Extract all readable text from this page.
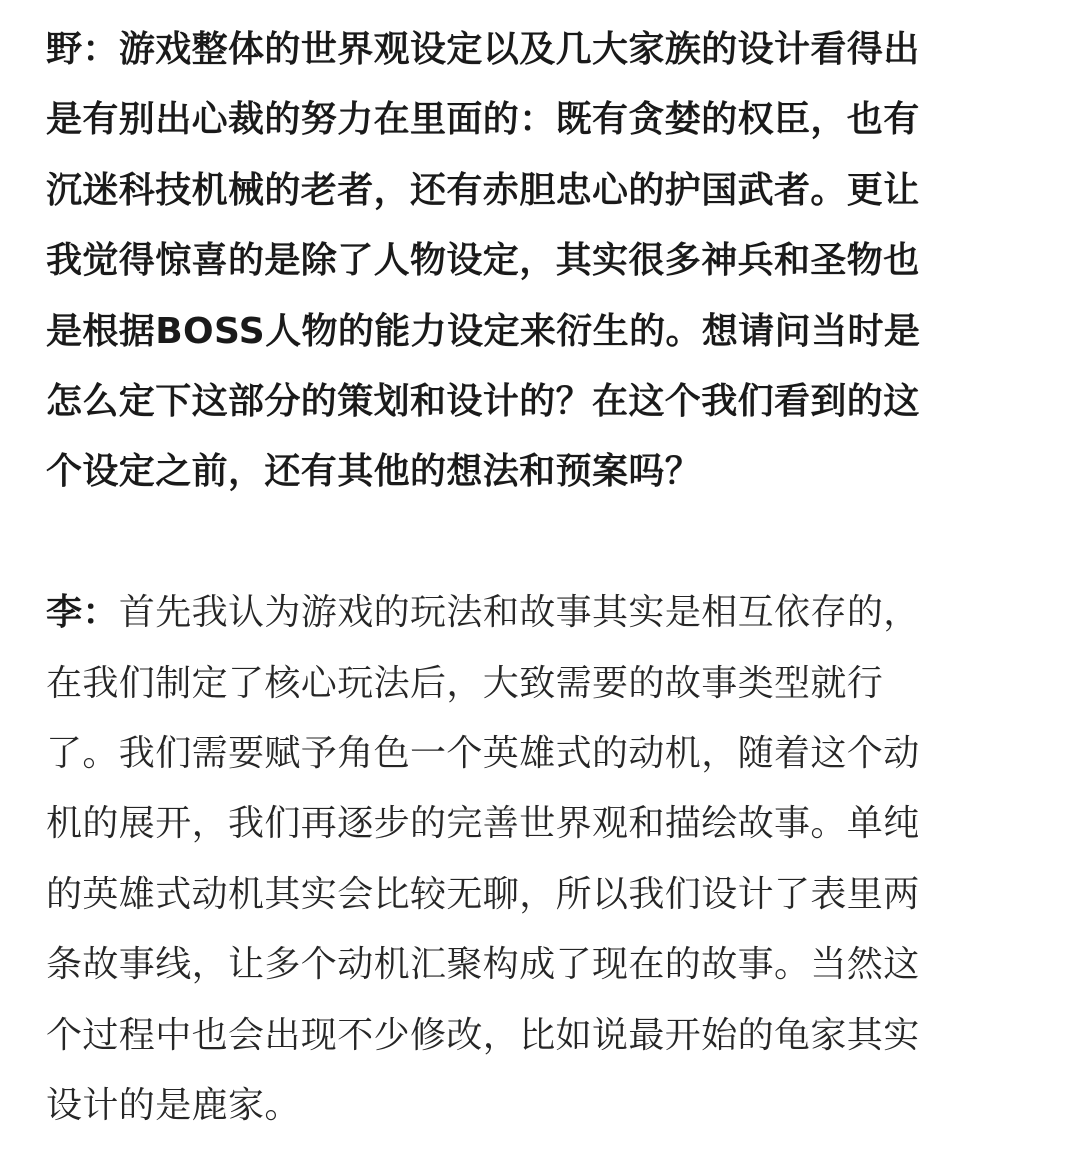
野：游戏整体的世界观设定以及几大家族的设计看得出
是有别出心裁的努力在里面的：既有贪婪的权臣，也有
沉迷科技机械的老者，还有赤胆忠心的护国武者。更让
我觉得惊喜的是除了人物设定，其实很多神兵和圣物也
是根据BOSS人物的能力设定来衍生的。想请问当时是
怎么定下这部分的策划和设计的？在这个我们看到的这
个设定之前，还有其他的想法和预案吗？

李：首先我认为游戏的玩法和故事其实是相互依存的，
在我们制定了核心玩法后，大致需要的故事类型就行
了。我们需要赋予角色一个英雄式的动机，随着这个动
机的展开，我们再逐步的完善世界观和描绘故事。单纯
的英雄式动机其实会比较无聊，所以我们设计了表里两
条故事线，让多个动机汇聚构成了现在的故事。当然这
个过程中也会出现不少修改，比如说最开始的龟家其实
设计的是鹿家。
